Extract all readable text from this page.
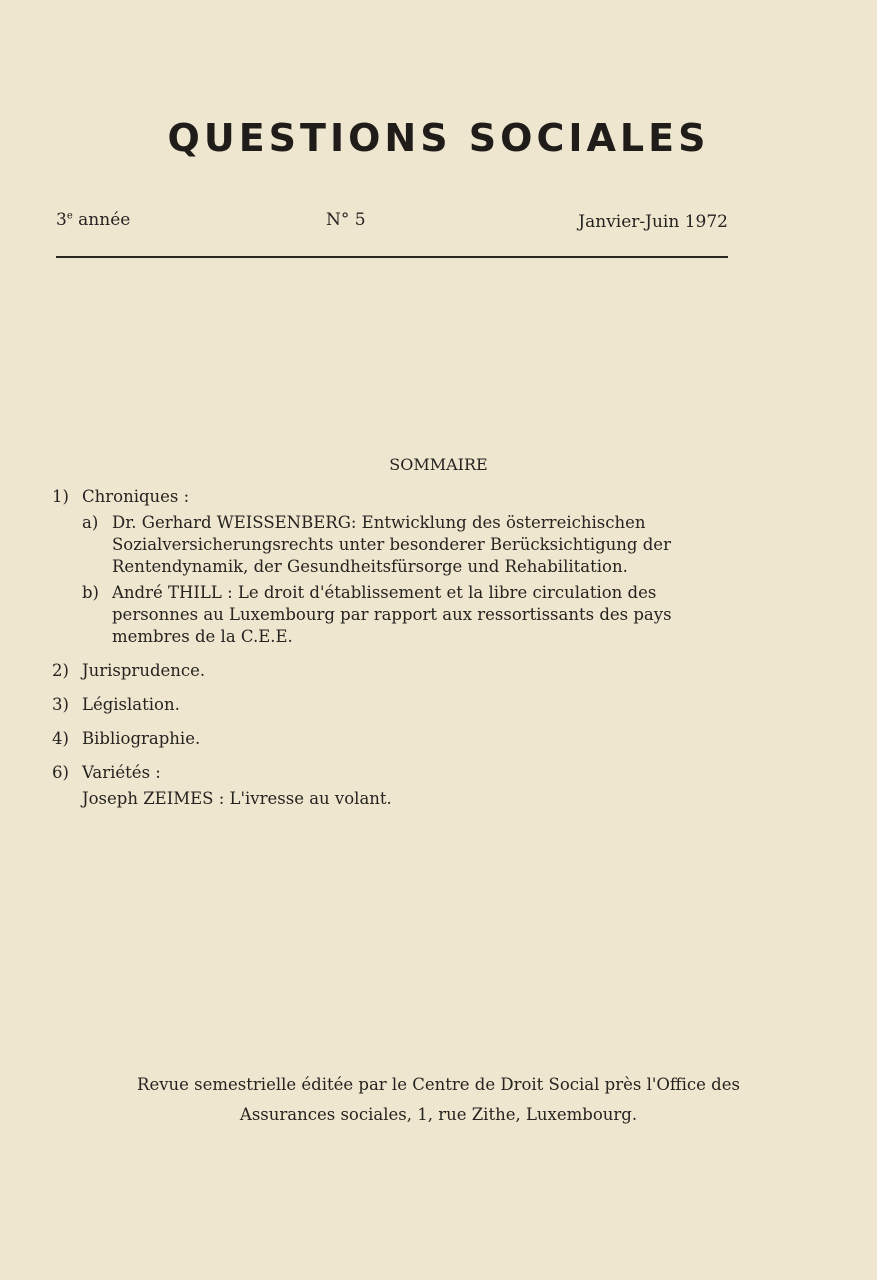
QUESTIONS SOCIALES
3e année	N° 5	Janvier-Juin 1972
SOMMAIRE
1) Chroniques :
a) Dr. Gerhard WEISSENBERG: Entwicklung des österreichischen Sozialversicherungsrechts unter besonderer Berücksichtigung der Rentendynamik, der Gesundheitsfürsorge und Rehabilitation.
b) André THILL : Le droit d'établissement et la libre circulation des personnes au Luxembourg par rapport aux ressortissants des pays membres de la C.E.E.
2) Jurisprudence.
3) Législation.
4) Bibliographie.
6) Variétés :
Joseph ZEIMES : L'ivresse au volant.
Revue semestrielle éditée par le Centre de Droit Social près l'Office des
Assurances sociales, 1, rue Zithe, Luxembourg.
